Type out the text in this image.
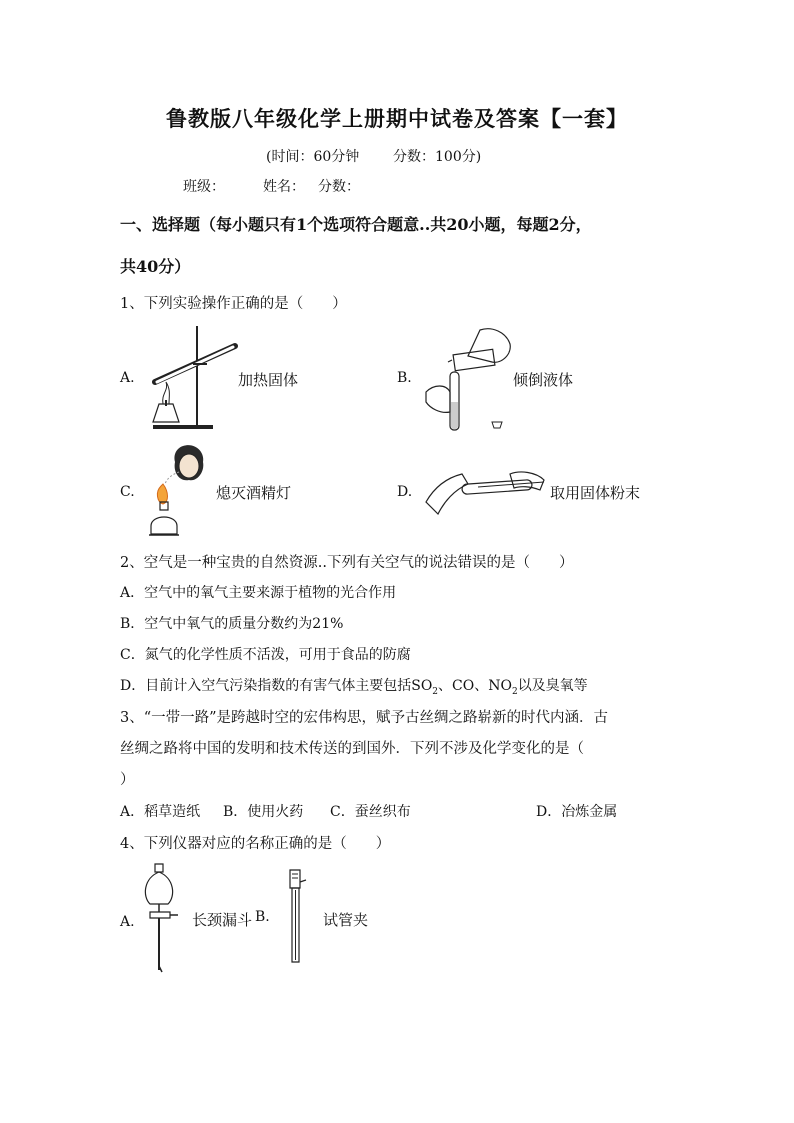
鲁教版八年级化学上册期中试卷及答案【一套】
(时间：60分钟 分数：100分)
班级：	姓名： 分数：
一、选择题（每小题只有1个选项符合题意..共20小题，每题2分，
共40分）
1、下列实验操作正确的是（　　）
A.	加热固体	B.	倾倒液体
C.	熄灭酒精灯	D.	取用固体粉末
2、空气是一种宝贵的自然资源..下列有关空气的说法错误的是（　　）
A．空气中的氧气主要来源于植物的光合作用
B．空气中氧气的质量分数约为21%
C．氮气的化学性质不活泼，可用于食品的防腐
D．目前计入空气污染指数的有害气体主要包括$SO_2$、CO、$NO_2$以及臭氧等
3、“一带一路”是跨越时空的宏伟构思，赋予古丝绸之路崭新的时代内涵．古
丝绸之路将中国的发明和技术传送的到国外．下列不涉及化学变化的是（
）
A．稻草造纸 B．使用火药 C．蚕丝织布	D．冶炼金属
4、下列仪器对应的名称正确的是（　　）
A.	长颈漏斗 B.	试管夹
